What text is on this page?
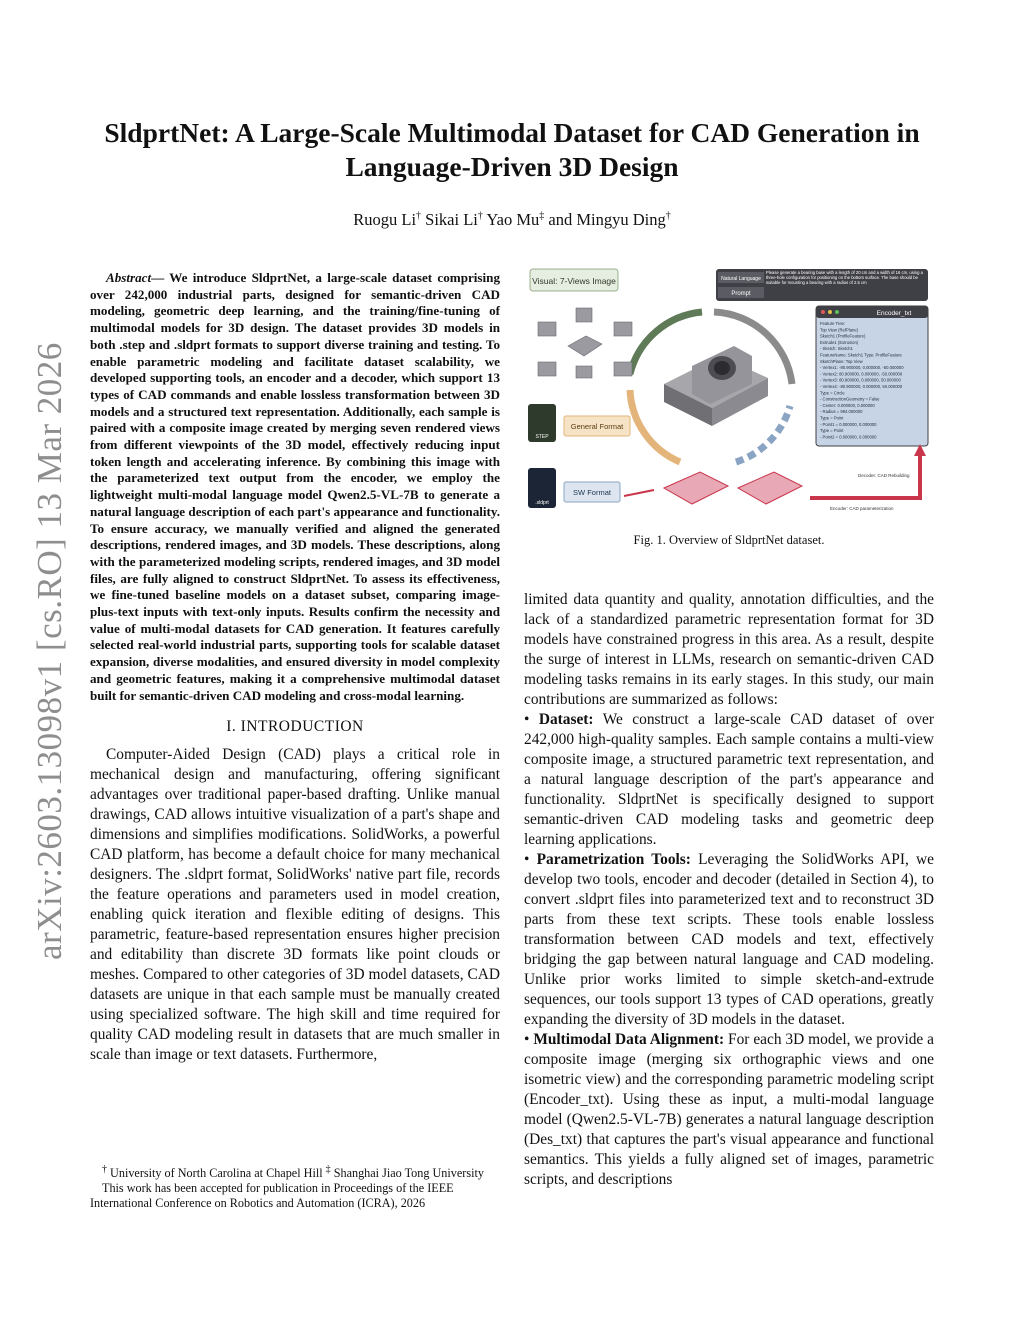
arXiv:2603.13098v1 [cs.RO] 13 Mar 2026
SldprtNet: A Large-Scale Multimodal Dataset for CAD Generation in
Language-Driven 3D Design
Ruogu Li† Sikai Li† Yao Mu‡ and Mingyu Ding†

Abstract— We introduce SldprtNet, a large-scale dataset comprising over 242,000 industrial parts, designed for semantic-driven CAD modeling, geometric deep learning, and the training/fine-tuning of multimodal models for 3D design. The dataset provides 3D models in both .step and .sldprt formats to support diverse training and testing. To enable parametric modeling and facilitate dataset scalability, we developed supporting tools, an encoder and a decoder, which support 13 types of CAD commands and enable lossless transformation between 3D models and a structured text representation. Additionally, each sample is paired with a composite image created by merging seven rendered views from different viewpoints of the 3D model, effectively reducing input token length and accelerating inference. By combining this image with the parameterized text output from the encoder, we employ the lightweight multi-modal language model Qwen2.5-VL-7B to generate a natural language description of each part's appearance and functionality. To ensure accuracy, we manually verified and aligned the generated descriptions, rendered images, and 3D models. These descriptions, along with the parameterized modeling scripts, rendered images, and 3D model files, are fully aligned to construct SldprtNet. To assess its effectiveness, we fine-tuned baseline models on a dataset subset, comparing image-plus-text inputs with text-only inputs. Results confirm the necessity and value of multi-modal datasets for CAD generation. It features carefully selected real-world industrial parts, supporting tools for scalable dataset expansion, diverse modalities, and ensured diversity in model complexity and geometric features, making it a comprehensive multimodal dataset built for semantic-driven CAD modeling and cross-modal learning.

I. INTRODUCTION

Computer-Aided Design (CAD) plays a critical role in mechanical design and manufacturing, offering significant advantages over traditional paper-based drafting. Unlike manual drawings, CAD allows intuitive visualization of a part's shape and dimensions and simplifies modifications. SolidWorks, a powerful CAD platform, has become a default choice for many mechanical designers. The .sldprt format, SolidWorks' native part file, records the feature operations and parameters used in model creation, enabling quick iteration and flexible editing of designs. This parametric, feature-based representation ensures higher precision and editability than discrete 3D formats like point clouds or meshes. Compared to other categories of 3D model datasets, CAD datasets are unique in that each sample must be manually created using specialized software. The high skill and time required for quality CAD modeling result in datasets that are much smaller in scale than image or text datasets. Furthermore,

† University of North Carolina at Chapel Hill ‡ Shanghai Jiao Tong University

This work has been accepted for publication in Proceedings of the IEEE International Conference on Robotics and Automation (ICRA), 2026

Visual: 7-Views Image	Natural Language
Prompt
Please generate a bearing base with a length of 20 cm and a width of 16 cm, using a three-hole configuration for positioning on the bottom surface. The base should be suitable for mounting a bearing with a radius of 2.5 cm
STEP
General Format
.sldprt
SW Format
Encoder_txt
Feature Tree:
Top View (RefPlane)
Sketch1 (ProfileFeature)
Extrude1 (Extrusion)
- Sketch: Sketch1
FeatureName: Sketch1 Type: ProfileFeature
SketchPlane: Top View
- Vertex1: -80.900000, 0.000000, -50.000000
- Vertex2: 80.900000, 0.000000, -50.000000
- Vertex3: 80.900000, 0.000000, 50.000000
- Vertex4: -80.900000, 0.000000, 50.000000
Type = Circle
- ConstructionGeometry = False
- Center: 0.000000, 0.000000
- Radius = 994.000000
Type = Point
- Point1 = 0.000000, 0.000000
Type = Point
- Point2 = 0.000000, 0.000000
Decoder: CAD Rebuilding
Encoder: CAD parameterization
Fig. 1. Overview of SldprtNet dataset.

limited data quantity and quality, annotation difficulties, and the lack of a standardized parametric representation format for 3D models have constrained progress in this area. As a result, despite the surge of interest in LLMs, research on semantic-driven CAD modeling tasks remains in its early stages. In this study, our main contributions are summarized as follows:

• Dataset: We construct a large-scale CAD dataset of over 242,000 high-quality samples. Each sample contains a multi-view composite image, a structured parametric text representation, and a natural language description of the part's appearance and functionality. SldprtNet is specifically designed to support semantic-driven CAD modeling tasks and geometric deep learning applications.

• Parametrization Tools: Leveraging the SolidWorks API, we develop two tools, encoder and decoder (detailed in Section 4), to convert .sldprt files into parameterized text and to reconstruct 3D parts from these text scripts. These tools enable lossless transformation between CAD models and text, effectively bridging the gap between natural language and CAD modeling. Unlike prior works limited to simple sketch-and-extrude sequences, our tools support 13 types of CAD operations, greatly expanding the diversity of 3D models in the dataset.

• Multimodal Data Alignment: For each 3D model, we provide a composite image (merging six orthographic views and one isometric view) and the corresponding parametric modeling script (Encoder_txt). Using these as input, a multi-modal language model (Qwen2.5-VL-7B) generates a natural language description (Des_txt) that captures the part's visual appearance and functional semantics. This yields a fully aligned set of images, parametric scripts, and descriptions
